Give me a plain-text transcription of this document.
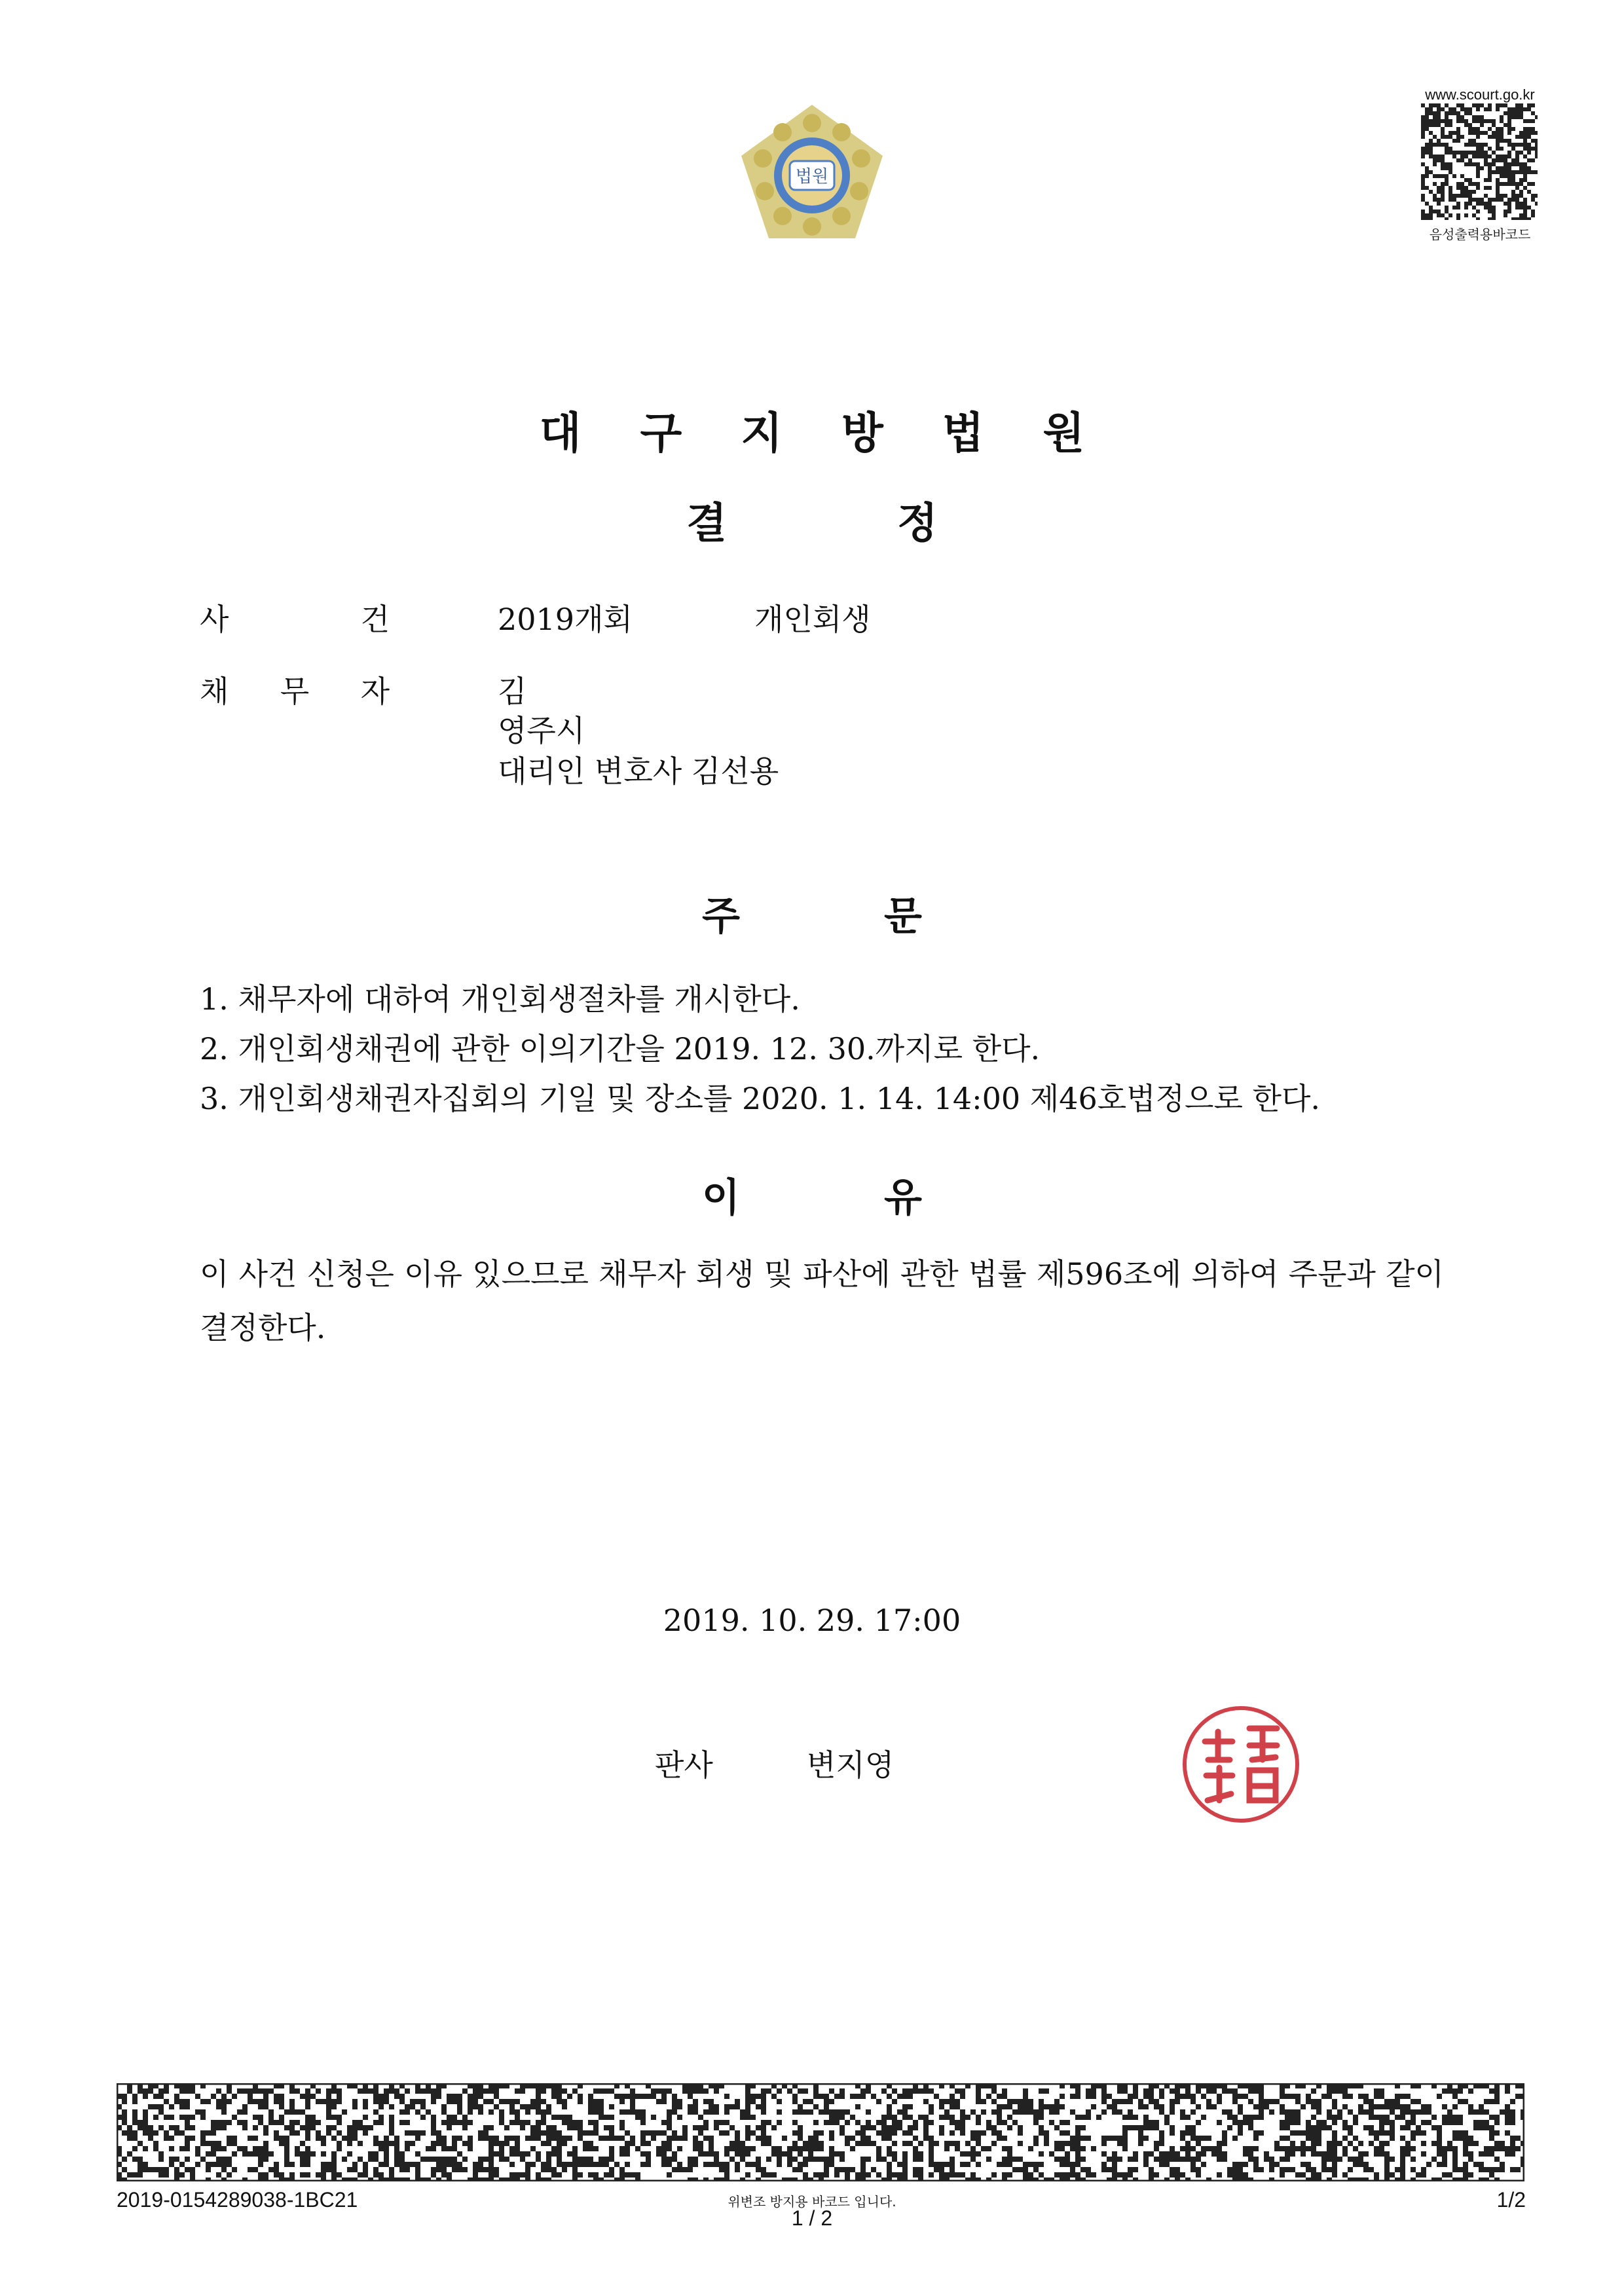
법원
www.scourt.go.kr
음성출력용바코드
대구지방법원
결정
사	건	2019개회	개인회생
채 무 자	김
영주시
대리인 변호사 김선용
주문
1. 채무자에 대하여 개인회생절차를 개시한다.
2. 개인회생채권에 관한 이의기간을 2019. 12. 30.까지로 한다.
3. 개인회생채권자집회의 기일 및 장소를 2020. 1. 14. 14:00 제46호법정으로 한다.
이유
이 사건 신청은 이유 있으므로 채무자 회생 및 파산에 관한 법률 제596조에 의하여 주문과 같이 결정한다.
2019. 10. 29. 17:00
판사	변지영
2019-0154289038-1BC21	위변조 방지용 바코드 입니다.
1 / 2
1/2
